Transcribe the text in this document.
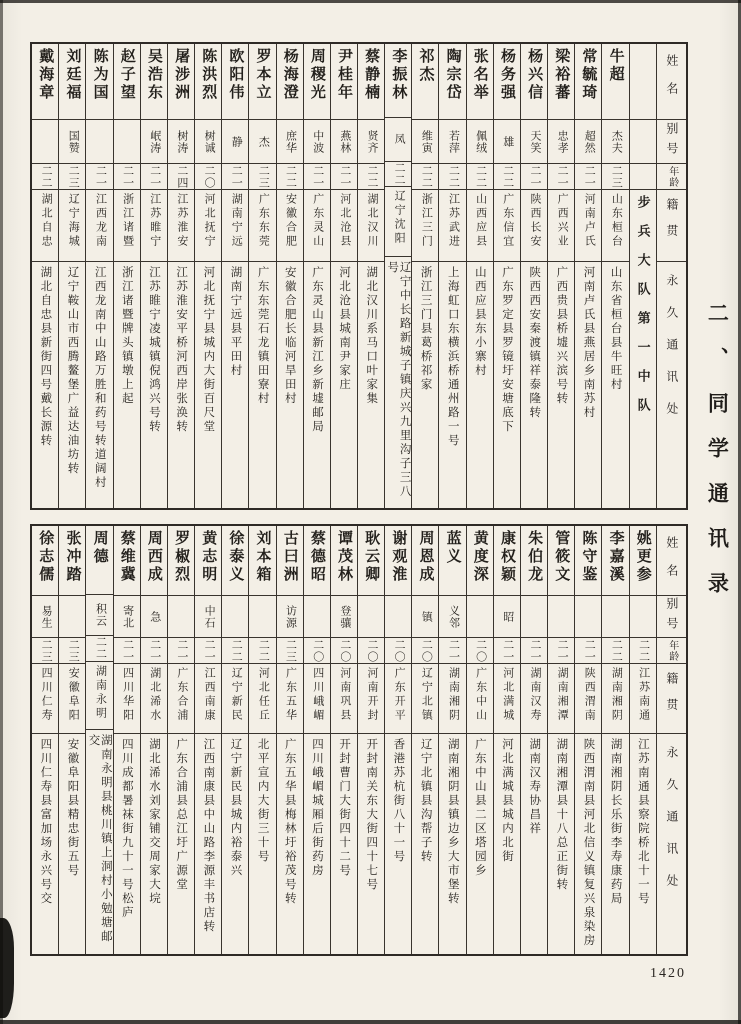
二、同学通讯录
姓名
别号
年龄
籍贯
永久通讯处
步兵大队第一中队
牛超
杰夫
二三
山东桓台
山东省桓台县牛旺村
常毓琦
超然
二一
河南卢氏
河南卢氏县燕居乡南苏村
梁裕蕃
忠孝
二一
广西兴业
广西贵县桥墟兴滨号转
杨兴信
天笑
二一
陕西长安
陕西西安秦渡镇祥泰隆转
杨务强
雄
二二
广东信宜
广东罗定县罗镜圩安塘底下
张名举
佩绒
二二
山西应县
山西应县东小寨村
陶宗岱
若萍
二二
江苏武进
上海虹口东横浜桥通州路一号
祁杰
维寅
二二
浙江三门
浙江三门县葛桥祁家
李振林
凤
二二
辽宁沈阳
辽宁中长路新城子镇庆兴九里沟子三八号
蔡静楠
贤齐
二二
湖北汉川
湖北汉川系马口叶家集
尹桂年
燕林
二一
河北沧县
河北沧县城南尹家庄
周稷光
中波
二一
广东灵山
广东灵山县新江乡新墟邮局
杨海澄
庶华
二二
安徽合肥
安徽合肥长临河旱田村
罗本立
杰
二三
广东东莞
广东东莞石龙镇田寮村
欧阳伟
静
二一
湖南宁远
湖南宁远县平田村
陈洪烈
树诚
二〇
河北抚宁
河北抚宁县城内大街百尺堂
屠涉洲
树涛
二四
江苏淮安
江苏淮安平桥河西岸张涣转
吴浩东
岷涛
二一
江苏睢宁
江苏睢宁凌城镇倪鸿兴号转
赵子望
二一
浙江诸暨
浙江诸暨牌头镇墩上起
陈为国
二一
江西龙南
江西龙南中山路万胜和药号转道阔村
刘廷福
国赞
二三
辽宁海城
辽宁鞍山市西腾鳌堡广益达油坊转
戴海章
二二
湖北自忠
湖北自忠县新街四号戴长源转
姓名
别号
年龄
籍贯
永久通讯处
姚更参
二二
江苏南通
江苏南通县察院桥北十一号
李嘉溪
二二
湖南湘阴
湖南湘阴长乐街李寿康药局
陈守鉴
二一
陕西渭南
陕西渭南县河北信义镇复兴泉染房
管筱文
二一
湖南湘潭
湖南湘潭县十八总正街转
朱伯龙
二一
湖南汉寿
湖南汉寿协昌祥
康权颖
昭
二一
河北满城
河北满城县城内北街
黄度深
二〇
广东中山
广东中山县二区塔园乡
蓝义
义邻
二一
湖南湘阴
湖南湘阴县镇边乡大市堡转
周恩成
镇
二〇
辽宁北镇
辽宁北镇县沟帮子转
谢观淮
二〇
广东开平
香港苏杭街八十一号
耿云卿
二〇
河南开封
开封南关东大街四十七号
谭茂林
登骧
二〇
河南巩县
开封曹门大街四十二号
蔡德昭
二〇
四川峨嵋
四川峨嵋城厢后街药房
古曰洲
访源
二三
广东五华
广东五华县梅林圩裕茂号转
刘本箱
二二
河北任丘
北平宣内大街三十号
徐泰义
二二
辽宁新民
辽宁新民县城内裕泰兴
黄志明
中石
二一
江西南康
江西南康县中山路李源丰书店转
罗椒烈
二一
广东合浦
广东合浦县总江圩广源堂
周西成
急
二一
湖北浠水
湖北浠水刘家铺交周家大垸
蔡维冀
寄北
二一
四川华阳
四川成都暑袜街九十一号松庐
周德
积云
二二
湖南永明
湖南永明县桃川镇上洞村小勉塘邮交
张冲踏
二三
安徽阜阳
安徽阜阳县精忠街五号
徐志儒
易生
二三
四川仁寿
四川仁寿县富加场永兴号交
1420
